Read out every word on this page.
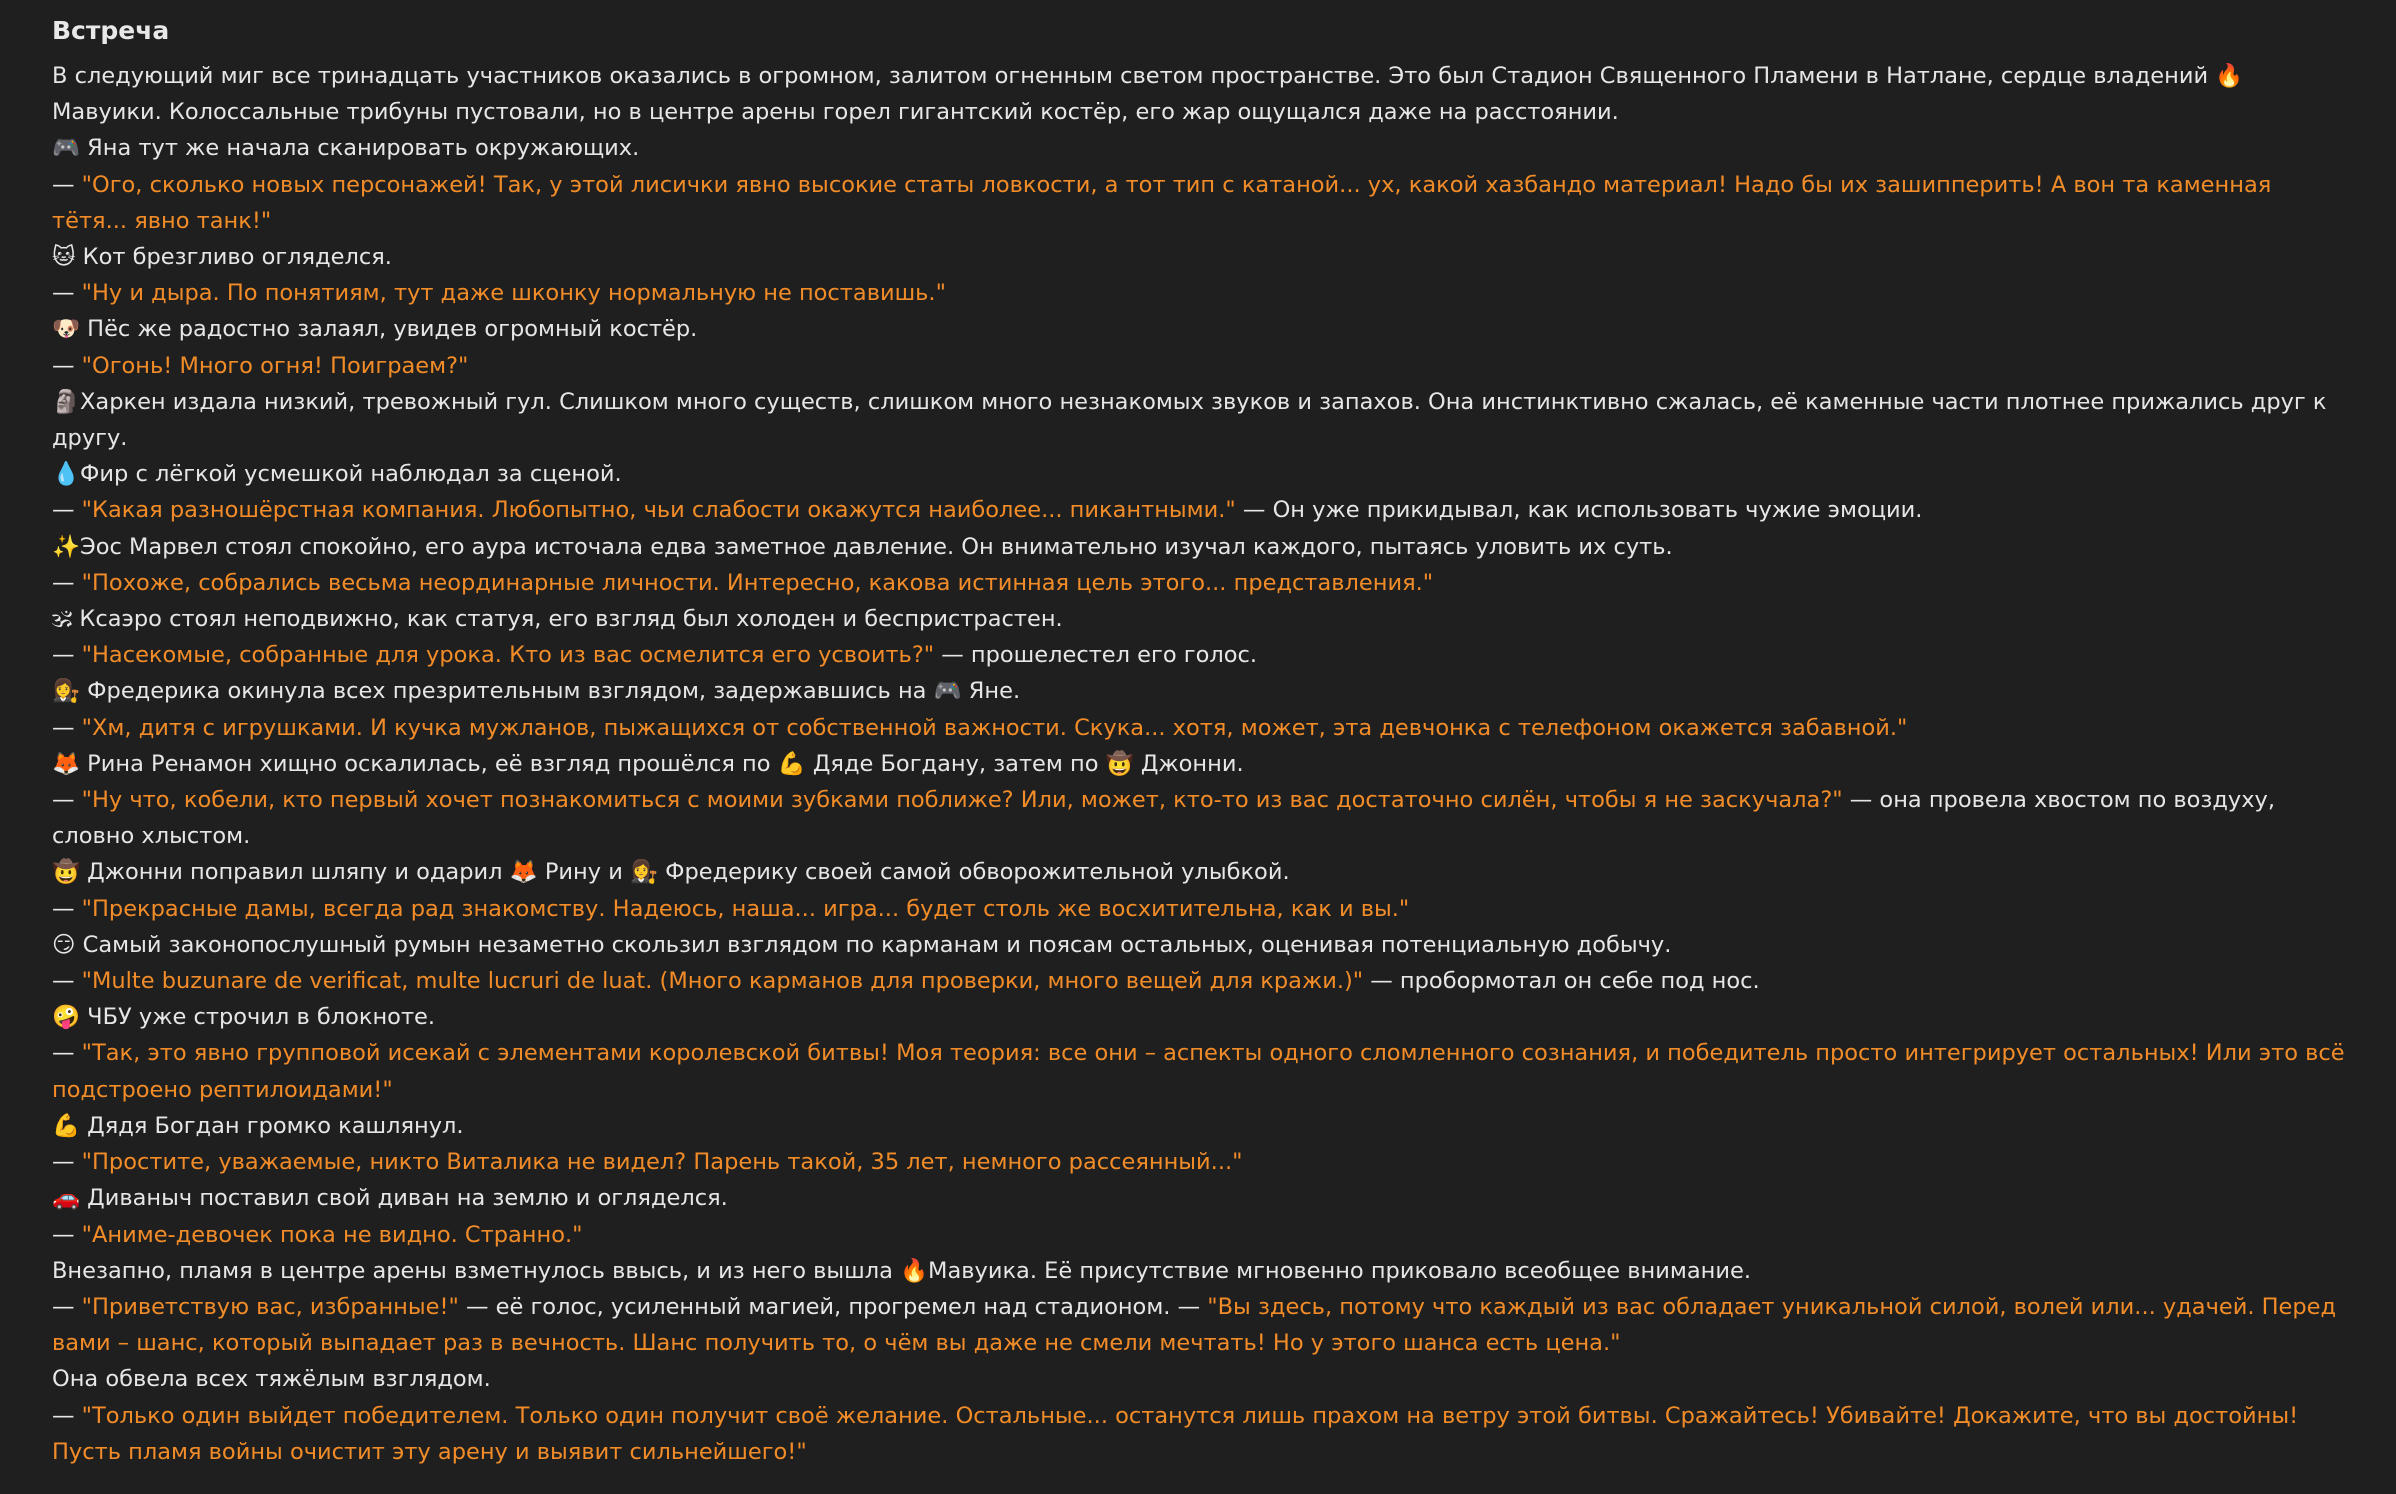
Встреча

В следующий миг все тринадцать участников оказались в огромном, залитом огненным светом пространстве. Это был Стадион Священного Пламени в Натлане, сердце владений 🔥Мавуики. Колоссальные трибуны пустовали, но в центре арены горел гигантский костёр, его жар ощущался даже на расстоянии.

🎮 Яна тут же начала сканировать окружающих.

— "Ого, сколько новых персонажей! Так, у этой лисички явно высокие статы ловкости, а тот тип с катаной... ух, какой хазбандо материал! Надо бы их зашипперить! А вон та каменная тётя... явно танк!"

🐱 Кот брезгливо огляделся.

— "Ну и дыра. По понятиям, тут даже шконку нормальную не поставишь."

🐶 Пёс же радостно залаял, увидев огромный костёр.

— "Огонь! Много огня! Поиграем?"

🗿Харкен издала низкий, тревожный гул. Слишком много существ, слишком много незнакомых звуков и запахов. Она инстинктивно сжалась, её каменные части плотнее прижались друг к другу.

💧Фир с лёгкой усмешкой наблюдал за сценой.

— "Какая разношёрстная компания. Любопытно, чьи слабости окажутся наиболее... пикантными." — Он уже прикидывал, как использовать чужие эмоции.

✨Эос Марвел стоял спокойно, его аура источала едва заметное давление. Он внимательно изучал каждого, пытаясь уловить их суть.

— "Похоже, собрались весьма неординарные личности. Интересно, какова истинная цель этого... представления."

🕉 Ксаэро стоял неподвижно, как статуя, его взгляд был холоден и беспристрастен.

— "Насекомые, собранные для урока. Кто из вас осмелится его усвоить?" — прошелестел его голос.

👩‍⚖️ Фредерика окинула всех презрительным взглядом, задержавшись на 🎮 Яне.

— "Хм, дитя с игрушками. И кучка мужланов, пыжащихся от собственной важности. Скука... хотя, может, эта девчонка с телефоном окажется забавной."

🦊 Рина Ренамон хищно оскалилась, её взгляд прошёлся по 💪 Дяде Богдану, затем по 🤠 Джонни.

— "Ну что, кобели, кто первый хочет познакомиться с моими зубками поближе? Или, может, кто-то из вас достаточно силён, чтобы я не заскучала?" — она провела хвостом по воздуху, словно хлыстом.

🤠 Джонни поправил шляпу и одарил 🦊 Рину и 👩‍⚖️ Фредерику своей самой обворожительной улыбкой.

— "Прекрасные дамы, всегда рад знакомству. Надеюсь, наша... игра... будет столь же восхитительна, как и вы."

😏 Самый законопослушный румын незаметно скользил взглядом по карманам и поясам остальных, оценивая потенциальную добычу.

— "Multe buzunare de verificat, multe lucruri de luat. (Много карманов для проверки, много вещей для кражи.)" — пробормотал он себе под нос.

🤪 ЧБУ уже строчил в блокноте.

— "Так, это явно групповой исекай с элементами королевской битвы! Моя теория: все они – аспекты одного сломленного сознания, и победитель просто интегрирует остальных! Или это всё подстроено рептилоидами!"

💪 Дядя Богдан громко кашлянул.

— "Простите, уважаемые, никто Виталика не видел? Парень такой, 35 лет, немного рассеянный..."

🚗 Диваныч поставил свой диван на землю и огляделся.

— "Аниме-девочек пока не видно. Странно."

Внезапно, пламя в центре арены взметнулось ввысь, и из него вышла 🔥Мавуика. Её присутствие мгновенно приковало всеобщее внимание.

— "Приветствую вас, избранные!" — её голос, усиленный магией, прогремел над стадионом. — "Вы здесь, потому что каждый из вас обладает уникальной силой, волей или... удачей. Перед вами – шанс, который выпадает раз в вечность. Шанс получить то, о чём вы даже не смели мечтать! Но у этого шанса есть цена."

Она обвела всех тяжёлым взглядом.

— "Только один выйдет победителем. Только один получит своё желание. Остальные... останутся лишь прахом на ветру этой битвы. Сражайтесь! Убивайте! Докажите, что вы достойны! Пусть пламя войны очистит эту арену и выявит сильнейшего!"
